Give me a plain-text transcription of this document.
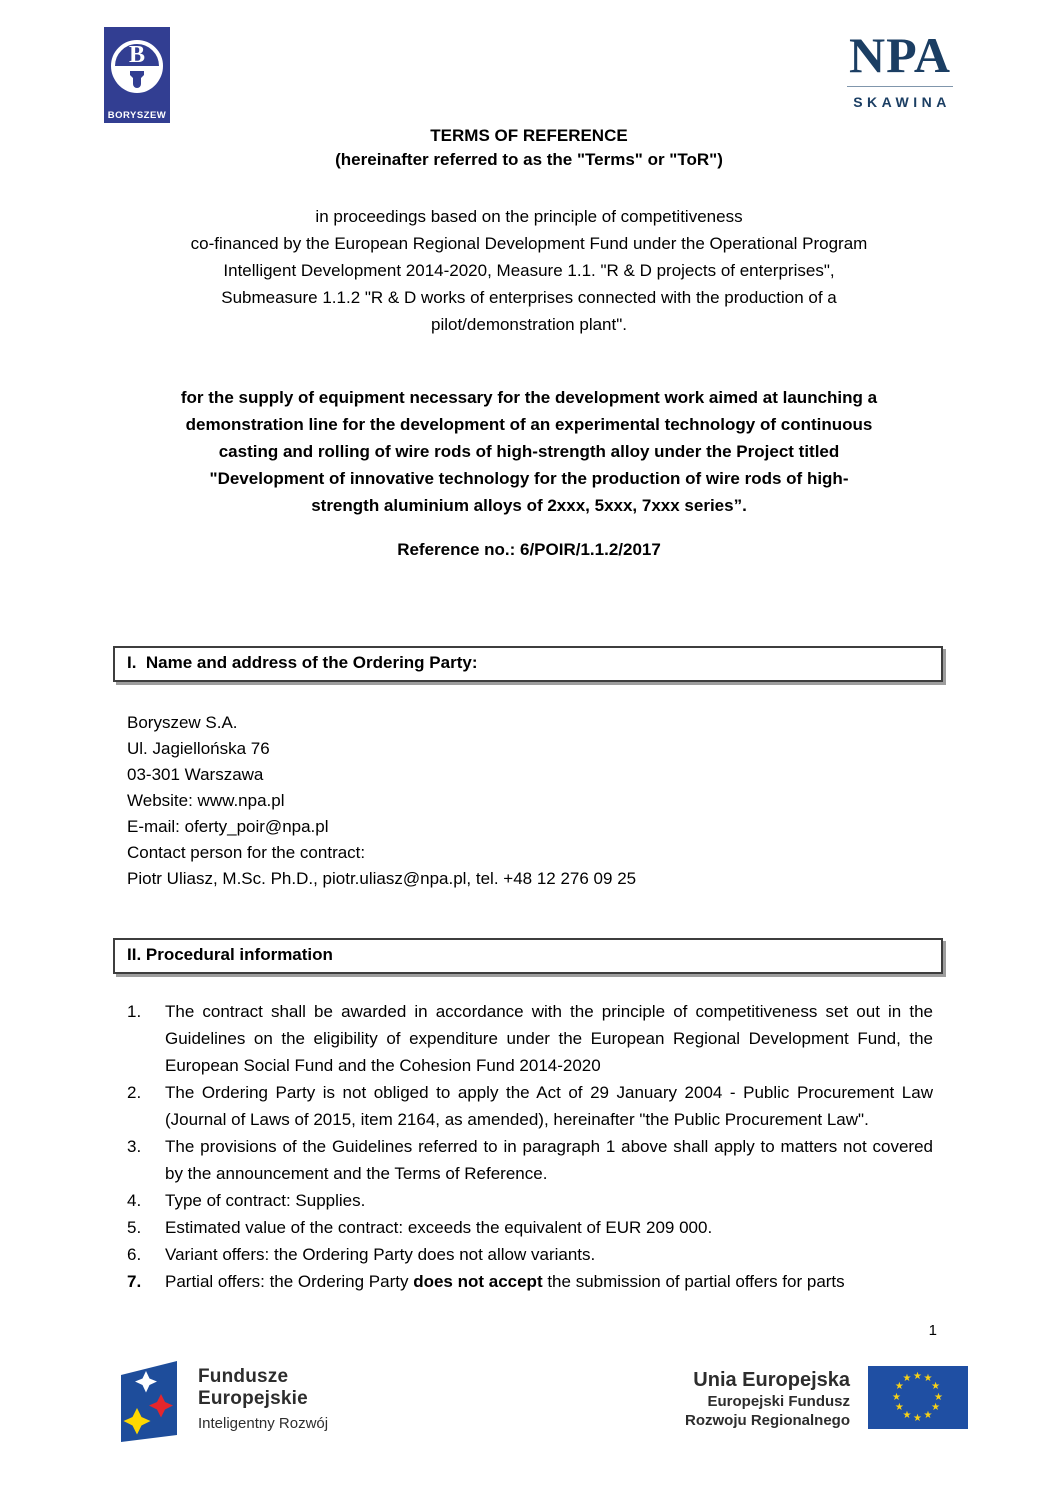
B
BORYSZEW
NPA
SKAWINA
TERMS OF REFERENCE
(hereinafter referred to as the "Terms" or "ToR")
in proceedings based on the principle of competitiveness
co-financed by the European Regional Development Fund under the Operational Program
Intelligent Development 2014-2020, Measure 1.1. "R & D projects of enterprises",
Submeasure 1.1.2 "R & D works of enterprises connected with the production of a
pilot/demonstration plant".
for the supply of equipment necessary for the development work aimed at launching a
demonstration line for the development of an experimental technology of continuous
casting and rolling of wire rods of high-strength alloy under the Project titled
"Development of innovative technology for the production of wire rods of high-
strength aluminium alloys of 2xxx, 5xxx, 7xxx series”.
Reference no.: 6/POIR/1.1.2/2017
I.  Name and address of the Ordering Party:
Boryszew S.A.
Ul. Jagiellońska 76
03-301 Warszawa
Website: www.npa.pl
E-mail: oferty_poir@npa.pl
Contact person for the contract:
Piotr Uliasz, M.Sc. Ph.D., piotr.uliasz@npa.pl, tel. +48 12 276 09 25
II. Procedural information
1.	The contract shall be awarded in accordance with the principle of competitiveness set out in the Guidelines on the eligibility of expenditure under the European Regional Development Fund, the European Social Fund and the Cohesion Fund 2014-2020
2.	The Ordering Party is not obliged to apply the Act of 29 January 2004 - Public Procurement Law (Journal of Laws of 2015, item 2164, as amended), hereinafter "the Public Procurement Law".
3.	The provisions of the Guidelines referred to in paragraph 1 above shall apply to matters not covered by the announcement and the Terms of Reference.
4.	Type of contract: Supplies.
5.	Estimated value of the contract: exceeds the equivalent of EUR 209 000.
6.	Variant offers: the Ordering Party does not allow variants.
7.	Partial offers: the Ordering Party does not accept the submission of partial offers for parts
1
Fundusze
Europejskie
Inteligentny Rozwój
Unia Europejska
Europejski Fundusz
Rozwoju Regionalnego
★ ★
★
★
★
★
★
★
★
★
★
★
